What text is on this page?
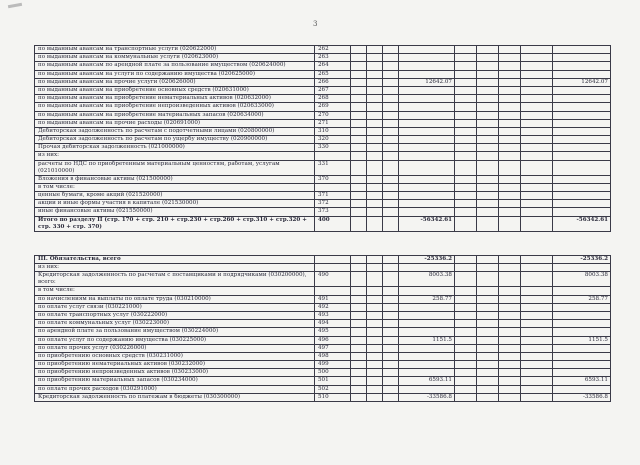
3
по выданным авансам на транспортные услуги (020622000)	262									
по выданным авансам на коммунальные услуги (020623000)	263									
по выданным авансам по арендной плате за пользование имуществом (020624000)	264									
по выданным авансам на услуги по содержанию имущества (020625000)	265									
по выданным авансам на прочие услуги (020626000)	266				12642.07					12642.07
по выданным авансам на приобретение основных средств (020631000)	267									
по выданным авансам на приобретение нематериальных активов (020632000)	268									
по выданным авансам на приобретение непроизведенных активов (020633000)	269									
по выданным авансам на приобретение материальных запасов (020634000)	270									
по выданным авансам на прочие расходы (020691000)	271									
Дебиторская задолженность по расчетам с подотчетными лицами (020800000)	310									
Дебиторская задолженность по расчетам по ущербу имуществу (020900000)	320									
Прочая дебиторская задолженность (021000000)	330									
из них:										
расчеты по НДС по приобретенным материальным ценностям, работам, услугам (021010000)	331									
Вложения в финансовые активы (021500000)	370									
в том числе:										
ценные бумаги, кроме акций (021520000)	371									
акции и иные формы участия в капитале (021530000)	372									
иные финансовые активы (021550000)	373									
Итого по разделу II (стр. 170 + стр. 210 + стр.230 + стр.260 + стр.310 + стр.320 + стр. 330 + стр. 370)	400				-56342.61					-56342.61
III. Обязательства, всего					-25336.2					-25336.2
из них:										
Кредиторская задолженность по расчетам с поставщиками и подрядчиками (030200000), всего:	490				8003.38					8003.38
в том числе:										
по начислениям на выплаты по оплате труда (030210000)	491				258.77					258.77
по оплате услуг связи (030221000)	492									
по оплате транспортных услуг (030222000)	493									
по оплате коммунальных услуг (030223000)	494									
по арендной плате за пользование имуществом (030224000)	495									
по оплате услуг по содержанию имущества (030225000)	496				1151.5					1151.5
по оплате прочих услуг (030226000)	497									
по приобретению основных средств (030231000)	498									
по приобретению нематериальных активов (030232000)	499									
по приобретению непроизведенных активов (030233000)	500									
по приобретению материальных запасов (030234000)	501				6593.11					6593.11
по оплате прочих расходов (030291000)	502									
Кредиторская задолженность по платежам в бюджеты (030300000)	510				-33586.8					-33586.8
